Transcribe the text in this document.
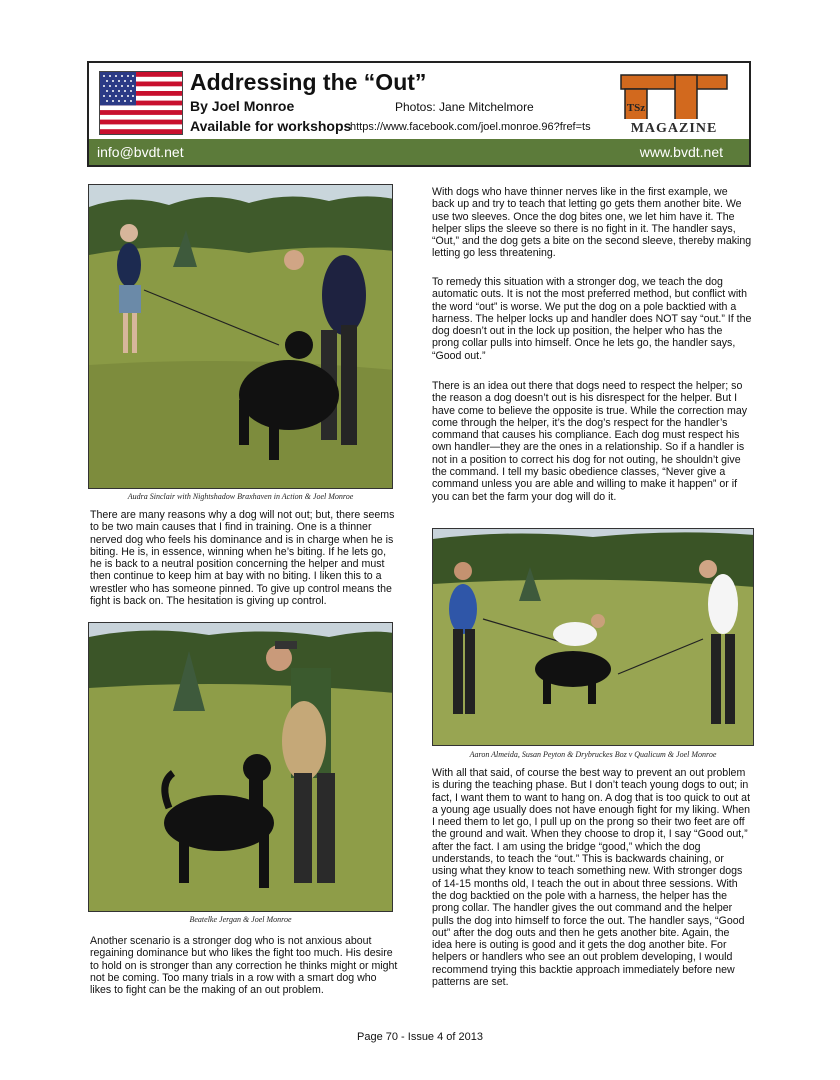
Addressing the “Out”
By Joel Monroe	Photos: Jane Mitchelmore
Available for workshops
https://www.facebook.com/joel.monroe.96?fref=ts
TSz
MAGAZINE
info@bvdt.net	www.bvdt.net
Audra Sinclair with Nightshadow Braxhaven in Action & Joel Monroe

There are many reasons why a dog will not out; but, there seems to be two main causes that I find in training. One is a thinner nerved dog who feels his dominance and is in charge when he is biting. He is, in essence, winning when he’s biting. If he lets go, he is back to a neutral position concerning the helper and must then continue to keep him at bay with no biting. I liken this to a wrestler who has someone pinned. To give up control means the fight is back on. The hesitation is giving up control.

Beatelke Jergan & Joel Monroe

Another scenario is a stronger dog who is not anxious about regaining dominance but who likes the fight too much. His desire to hold on is stronger than any correction he thinks might or might not be coming. Too many trials in a row with a smart dog who likes to fight can be the making of an out problem.

With dogs who have thinner nerves like in the first example, we back up and try to teach that letting go gets them another bite. We use two sleeves. Once the dog bites one, we let him have it. The helper slips the sleeve so there is no fight in it. The handler says, “Out,” and the dog gets a bite on the second sleeve, thereby making letting go less threatening.

To remedy this situation with a stronger dog, we teach the dog automatic outs. It is not the most preferred method, but conflict with the word “out” is worse. We put the dog on a pole backtied with a harness. The helper locks up and handler does NOT say “out.” If the dog doesn’t out in the lock up position, the helper who has the prong collar pulls into himself. Once he lets go, the handler says, “Good out.”

There is an idea out there that dogs need to respect the helper; so the reason a dog doesn’t out is his disrespect for the helper. But I have come to believe the opposite is true. While the correction may come through the helper, it’s the dog’s respect for the handler’s command that causes his compliance. Each dog must respect his own handler—they are the ones in a relationship. So if a handler is not in a position to correct his dog for not outing, he shouldn’t give the command. I tell my basic obedience classes, “Never give a command unless you are able and willing to make it happen” or if you can bet the farm your dog will do it.

Aaron Almeida, Susan Peyton & Drybruckes Boz v Qualicum & Joel Monroe

With all that said, of course the best way to prevent an out problem is during the teaching phase. But I don’t teach young dogs to out; in fact, I want them to want to hang on. A dog that is too quick to out at a young age usually does not have enough fight for my liking. When I need them to let go, I pull up on the prong so their two feet are off the ground and wait. When they choose to drop it, I say “Good out,” after the fact. I am using the bridge “good,” which the dog understands, to teach the “out.” This is backwards chaining, or using what they know to teach something new. With stronger dogs of 14-15 months old, I teach the out in about three sessions. With the dog backtied on the pole with a harness, the helper has the prong collar. The handler gives the out command and the helper pulls the dog into himself to force the out. The handler says, “Good out” after the dog outs and then he gets another bite. Again, the idea here is outing is good and it gets the dog another bite. For helpers or handlers who see an out problem developing, I would recommend trying this backtie approach immediately before new patterns are set.

Page 70 - Issue 4 of 2013
